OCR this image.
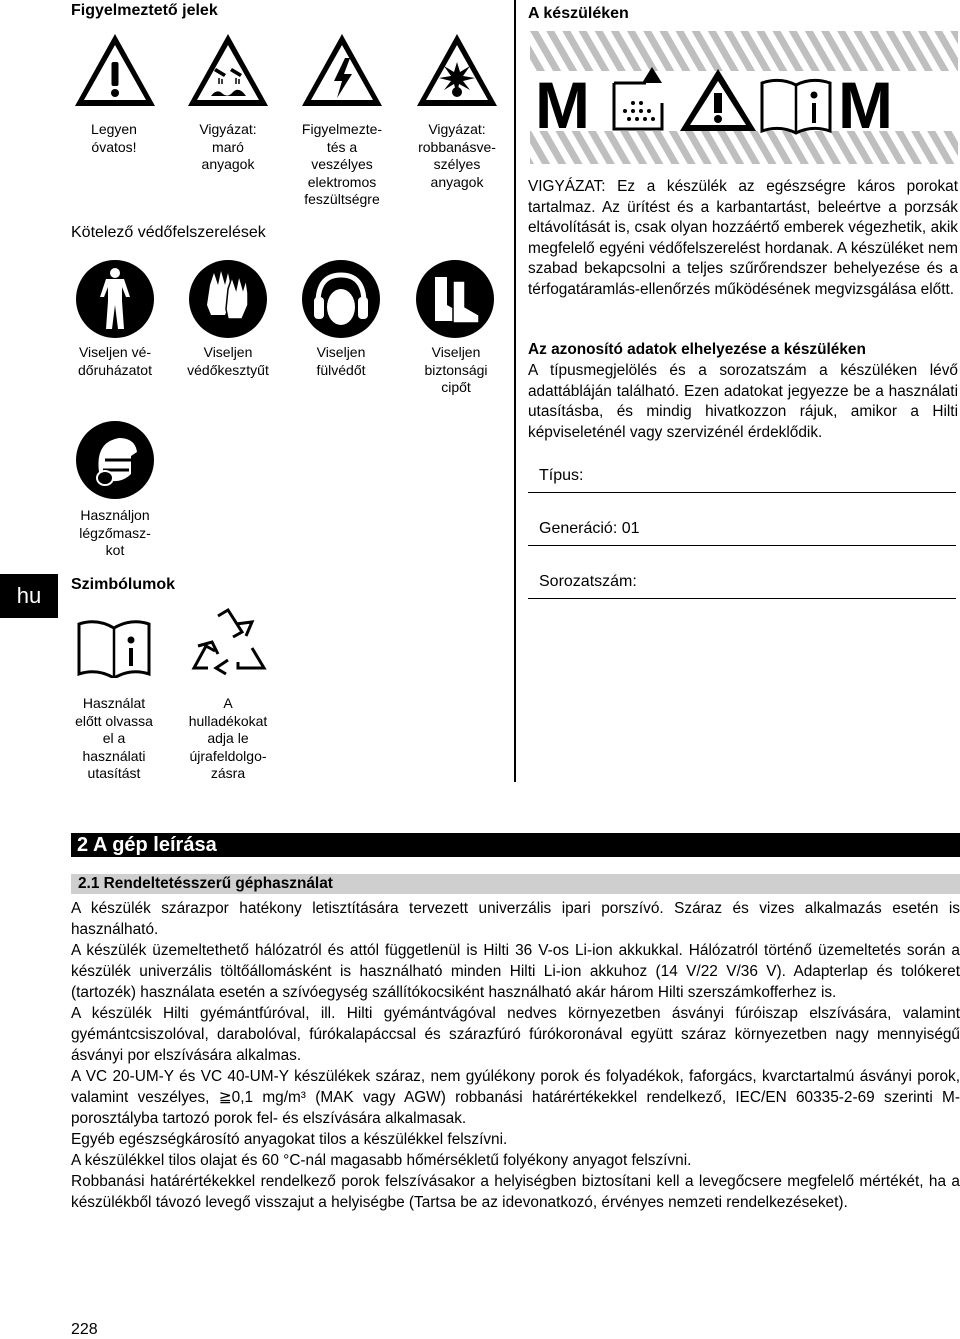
Figyelmeztető jelek
Legyen
óvatos!
Vigyázat:
maró
anyagok
Figyelmezte-
tés a
veszélyes
elektromos
feszültségre
Vigyázat:
robbanásve-
szélyes
anyagok
Kötelező védőfelszerelések
Viseljen vé-
dőruházatot
Viseljen
védőkesztyűt
Viseljen
fülvédőt
Viseljen
biztonsági
cipőt
Használjon
légzőmasz-
kot
hu	Szimbólumok
Használat
előtt olvassa
el a
használati
utasítást
A
hulladékokat
adja le
újrafeldolgo-
zásra
A készüléken
M	M
VIGYÁZAT: Ez a készülék az egészségre káros porokat tartalmaz. Az ürítést és a karbantartást, beleértve a porzsák eltávolítását is, csak olyan hozzáértő emberek végezhetik, akik megfelelő egyéni védőfelszerelést hordanak. A készüléket nem szabad bekapcsolni a teljes szűrőrendszer behelyezése és a térfogatáramlás-ellenőrzés működésének megvizsgálása előtt.
Az azonosító adatok elhelyezése a készüléken
A típusmegjelölés és a sorozatszám a készüléken lévő adattábláján található. Ezen adatokat jegyezze be a használati utasításba, és mindig hivatkozzon rájuk, amikor a Hilti képviseleténél vagy szervizénél érdeklődik.
Típus:
Generáció: 01
Sorozatszám:
2 A gép leírása
2.1 Rendeltetésszerű géphasználat

A készülék szárazpor hatékony letisztítására tervezett univerzális ipari porszívó. Száraz és vizes alkalmazás esetén is használható.

A készülék üzemeltethető hálózatról és attól függetlenül is Hilti 36 V-os Li-ion akkukkal. Hálózatról történő üzemeltetés során a készülék univerzális töltőállomásként is használható minden Hilti Li-ion akkuhoz (14 V/22 V/36 V). Adapterlap és tolókeret (tartozék) használata esetén a szívóegység szállítókocsiként használható akár három Hilti szerszámkofferhez is.

A készülék Hilti gyémántfúróval, ill. Hilti gyémántvágóval nedves környezetben ásványi fúróiszap elszívására, valamint gyémántcsiszolóval, darabolóval, fúrókalapáccsal és szárazfúró fúrókoronával együtt száraz környezetben nagy mennyiségű ásványi por elszívására alkalmas.

A VC 20-UM-Y és VC 40-UM-Y készülékek száraz, nem gyúlékony porok és folyadékok, faforgács, kvarctartalmú ásványi porok, valamint veszélyes, ≧0,1 mg/m³ (MAK vagy AGW) robbanási határértékekkel rendelkező, IEC/EN 60335-2-69 szerinti M-porosztályba tartozó porok fel- és elszívására alkalmasak.

Egyéb egészségkárosító anyagokat tilos a készülékkel felszívni.

A készülékkel tilos olajat és 60 °C-nál magasabb hőmérsékletű folyékony anyagot felszívni.

Robbanási határértékekkel rendelkező porok felszívásakor a helyiségben biztosítani kell a levegőcsere megfelelő mértékét, ha a készülékből távozó levegő visszajut a helyiségbe (Tartsa be az idevonatkozó, érvényes nemzeti rendelkezéseket).

228
